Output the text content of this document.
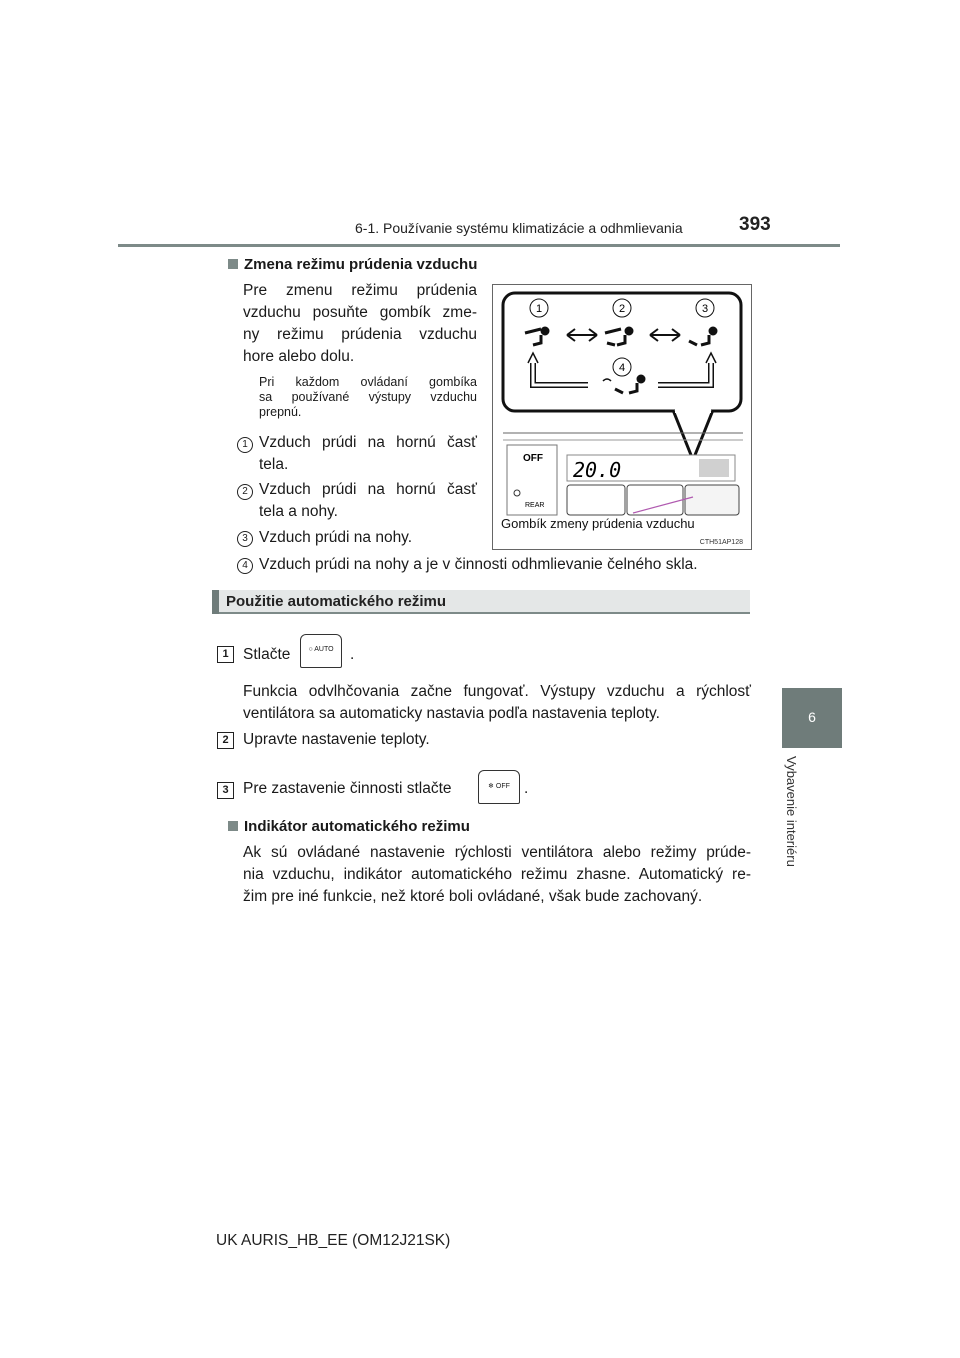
6-1. Používanie systému klimatizácie a odhmlievania	393
6
Vybavenie interiéru
Zmena režimu prúdenia vzduchu
Pre zmenu režimu prúdenia
vzduchu posuňte gombík zme-
ny režimu prúdenia vzduchu
hore alebo dolu.
Pri každom ovládaní gombíka
sa používané výstupy vzduchu
prepnú.
1 Vzduch prúdi na hornú časť
tela.
2 Vzduch prúdi na hornú časť
tela a nohy.
3 Vzduch prúdi na nohy.
4 Vzduch prúdi na nohy a je v činnosti odhmlievanie čelného skla.
1	2	3
4
OFF
REAR
20.0
Gombík zmeny prúdenia vzduchu
CTH51AP128
Použitie automatického režimu
1 Stlačte	○ AUTO	.
Funkcia odvlhčovania začne fungovať. Výstupy vzduchu a rýchlosť
ventilátora sa automaticky nastavia podľa nastavenia teploty.
2 Upravte nastavenie teploty.
3 Pre zastavenie činnosti stlačte	❄ OFF .
Indikátor automatického režimu
Ak sú ovládané nastavenie rýchlosti ventilátora alebo režimy prúde-
nia vzduchu, indikátor automatického režimu zhasne. Automatický re-
žim pre iné funkcie, než ktoré boli ovládané, však bude zachovaný.
UK AURIS_HB_EE (OM12J21SK)
